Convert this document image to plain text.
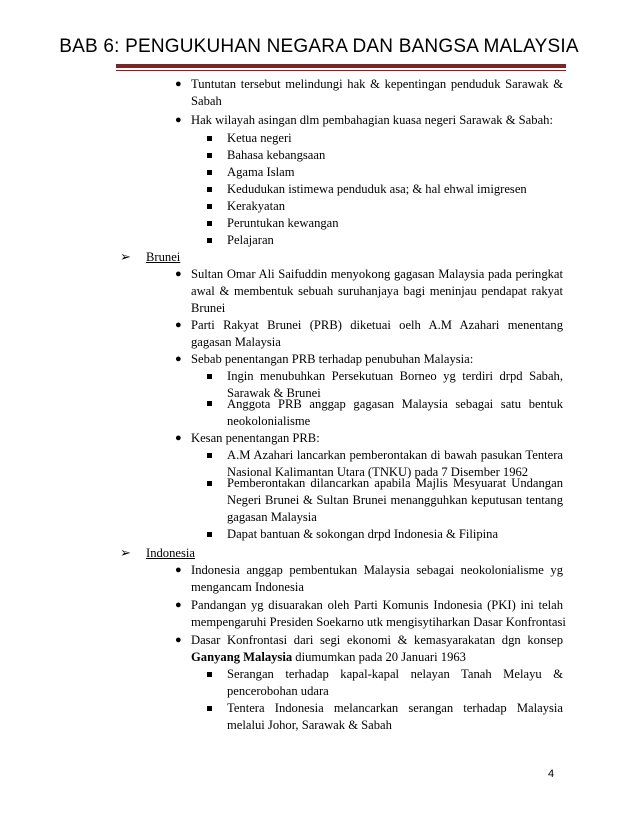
BAB 6: PENGUKUHAN NEGARA DAN BANGSA MALAYSIA
● Tuntutan tersebut melindungi hak & kepentingan penduduk Sarawak &
Sabah
● Hak wilayah asingan dlm pembahagian kuasa negeri Sarawak & Sabah:
Ketua negeri
Bahasa kebangsaan
Agama Islam
Kedudukan istimewa penduduk asa; & hal ehwal imigresen
Kerakyatan
Peruntukan kewangan
Pelajaran
➢ Brunei
● Sultan Omar Ali Saifuddin menyokong gagasan Malaysia pada peringkat
awal & membentuk sebuah suruhanjaya bagi meninjau pendapat rakyat
Brunei
● Parti Rakyat Brunei (PRB) diketuai oelh A.M Azahari menentang
gagasan Malaysia
● Sebab penentangan PRB terhadap penubuhan Malaysia:
Ingin menubuhkan Persekutuan Borneo yg terdiri drpd Sabah,
Sarawak & Brunei
Anggota PRB anggap gagasan Malaysia sebagai satu bentuk
neokolonialisme
● Kesan penentangan PRB:
A.M Azahari lancarkan pemberontakan di bawah pasukan Tentera
Nasional Kalimantan Utara (TNKU) pada 7 Disember 1962
Pemberontakan dilancarkan apabila Majlis Mesyuarat Undangan
Negeri Brunei & Sultan Brunei menangguhkan keputusan tentang
gagasan Malaysia
Dapat bantuan & sokongan drpd Indonesia & Filipina
➢ Indonesia
● Indonesia anggap pembentukan Malaysia sebagai neokolonialisme yg
mengancam Indonesia
● Pandangan yg disuarakan oleh Parti Komunis Indonesia (PKI) ini telah
mempengaruhi Presiden Soekarno utk mengisytiharkan Dasar Konfrontasi
● Dasar Konfrontasi dari segi ekonomi & kemasyarakatan dgn konsep
Ganyang Malaysia diumumkan pada 20 Januari 1963
Serangan terhadap kapal-kapal nelayan Tanah Melayu &
pencerobohan udara
Tentera Indonesia melancarkan serangan terhadap Malaysia
melalui Johor, Sarawak & Sabah
4
